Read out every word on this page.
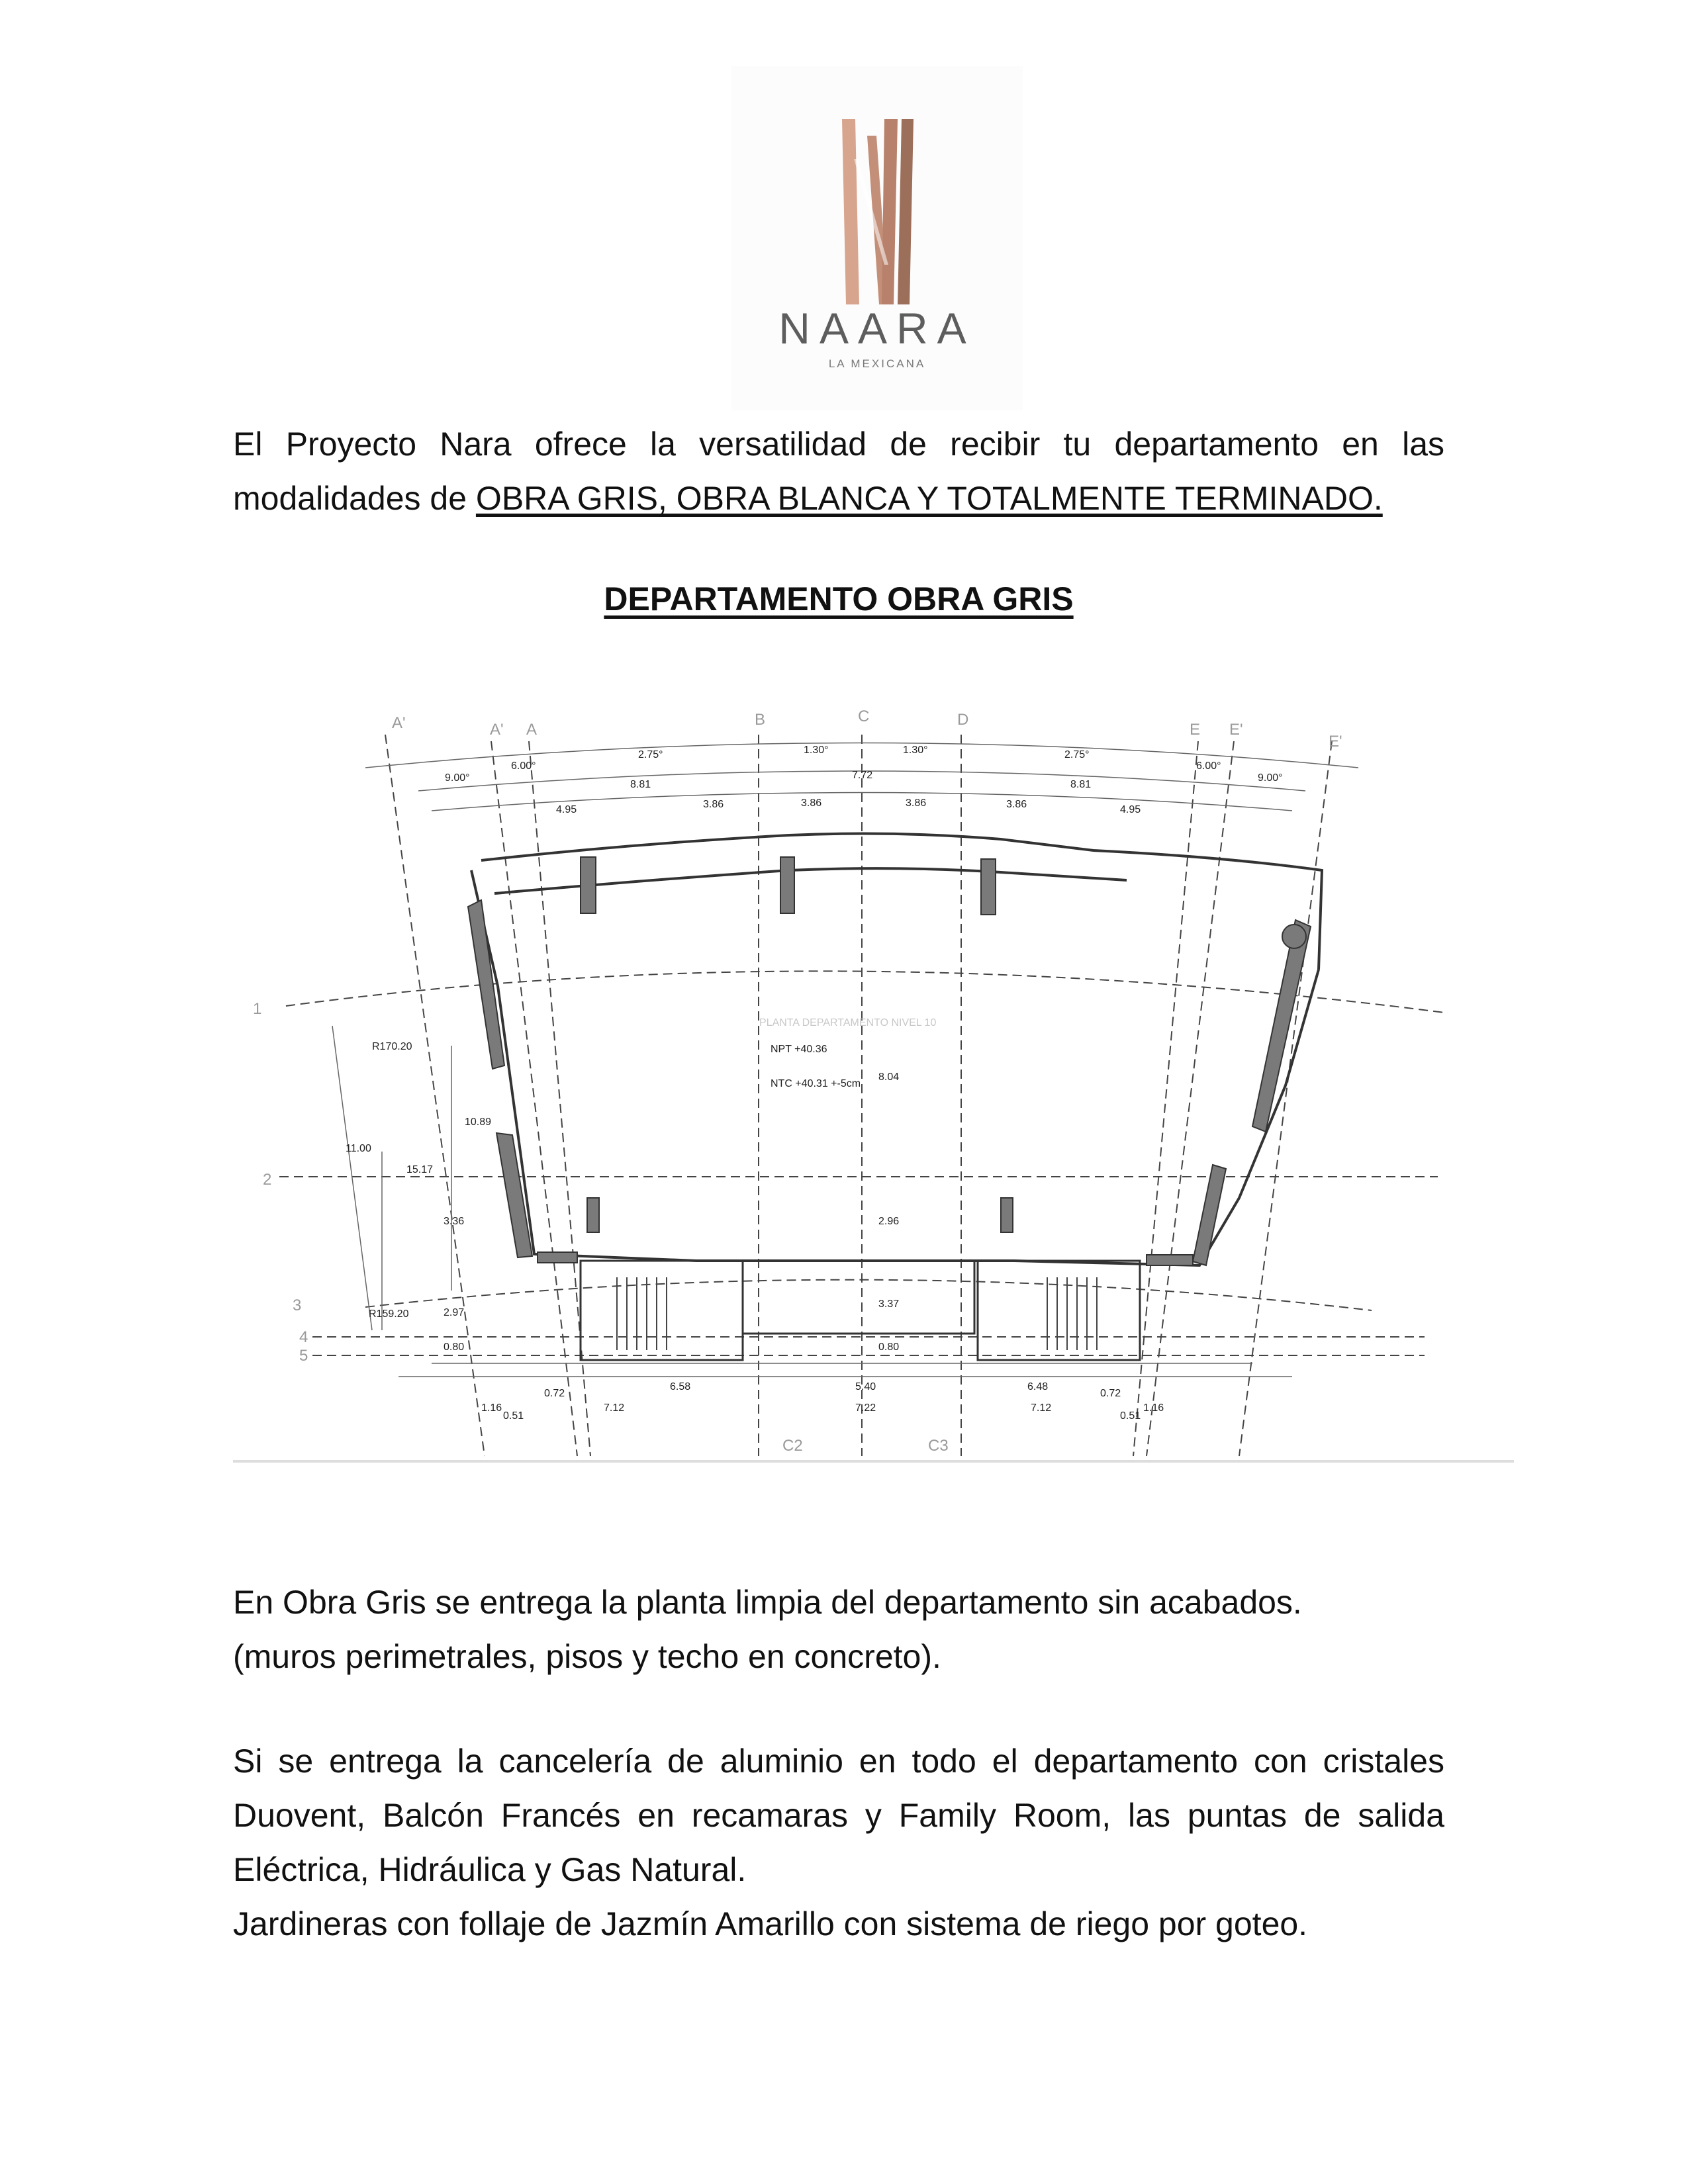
NAARA
LA MEXICANA
El Proyecto Nara ofrece la versatilidad de recibir tu departamento en las modalidades de OBRA GRIS, OBRA BLANCA Y TOTALMENTE TERMINADO.
DEPARTAMENTO OBRA GRIS
A'	A' A
B	C	D
E E'
E'
C2	C3
1
2
3
4
5
9.00°
6.00°
2.75°	1.30°	1.30°	2.75°
6.00°
9.00°
8.81
7.72
8.81
4.95	3.86	3.86	3.86	3.86	4.95
R170.20
11.00
15.17
10.89
3.36
R159.20	2.97
0.80
8.04
2.96
0.80
3.37
NPT +40.36
NTC +40.31 +-5cm
PLANTA DEPARTAMENTO NIVEL 10
0.72
6.58	5.40	6.48
0.72
1.16
0.51
7.12	7.22	7.12
0.51
1.16
En Obra Gris se entrega la planta limpia del departamento sin acabados.
(muros perimetrales, pisos y techo en concreto).
Si se entrega la cancelería de aluminio en todo el departamento con cristales Duovent, Balcón Francés en recamaras y Family Room, las puntas de salida Eléctrica, Hidráulica y Gas Natural.
Jardineras con follaje de Jazmín Amarillo con sistema de riego por goteo.
